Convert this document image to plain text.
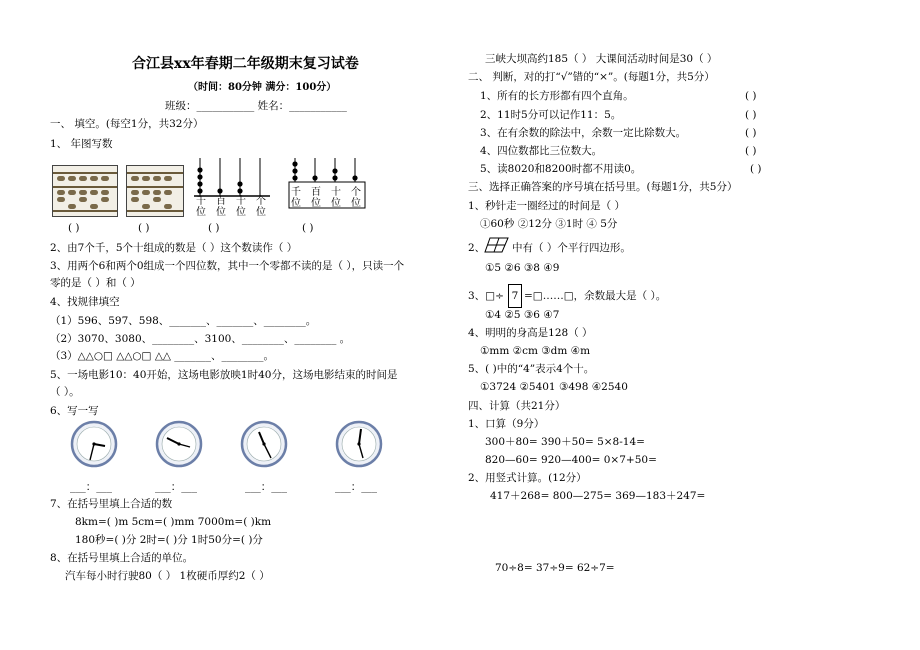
合江县xx年春期二年级期末复习试卷
（时间：80分钟 满分：100分）
班级：___________ 姓名：___________
一、 填空。(每空1分，共32分）
1、 年图写数
千 百 十 个
位 位 位 位
千 百 十 个
位 位 位 位
( )	( )	( )	( )
2、由7个千，5个十组成的数是（ ）这个数读作（ ）
3、用两个6和两个0组成一个四位数，其中一个零都不读的是（ ），只读一个
零的是（ ）和（ ）
4、找规律填空
（1）596、597、598、_______、_______、________。
（2）3070、3080、________、3100、________、________ 。
（3）△△○□ △△○□ △△ _______、________。
5、一场电影10：40开始，这场电影放映1时40分，这场电影结束的时间是
（ ）。
6、写一写
___：___	___：___	___：___	___：___
7、在括号里填上合适的数
8km=( )m 5cm=( )mm 7000m=( )km
180秒=( )分 2时=( )分 1时50分=( )分
8、在括号里填上合适的单位。
汽车每小时行驶80（ ） 1枚硬币厚约2（ ）
三峡大坝高约185（ ） 大课间活动时间是30（ ）
二、 判断，对的打“√”错的“×”。(每题1分，共5分）
1、所有的长方形都有四个直角。
2、11时5分可以记作11：5。
3、在有余数的除法中，余数一定比除数大。
4、四位数都比三位数大。
5、读8020和8200时都不用读0。
( )
( )
( )
( )
( )
三、选择正确答案的序号填在括号里。(每题1分，共5分）
1、秒针走一圈经过的时间是（ ）
①60秒 ②12分 ③1时 ④ 5分
2、	中有（ ）个平行四边形。
①5 ②6 ③8 ④9
3、□÷ 7 =□‥‥‥□，余数最大是（ ）。
①4 ②5 ③6 ④7
4、明明的身高是128（ ）
①mm ②cm ③dm ④m
5、( )中的“4”表示4个十。
①3724 ②5401 ③498 ④2540
四、计算（共21分）
1、口算（9分）
300＋80= 390＋50= 5×8-14=
820—60= 920—400= 0×7+50=
2、用竖式计算。(12分）
417＋268= 800—275= 369—183＋247=
70÷8= 37÷9= 62÷7=
